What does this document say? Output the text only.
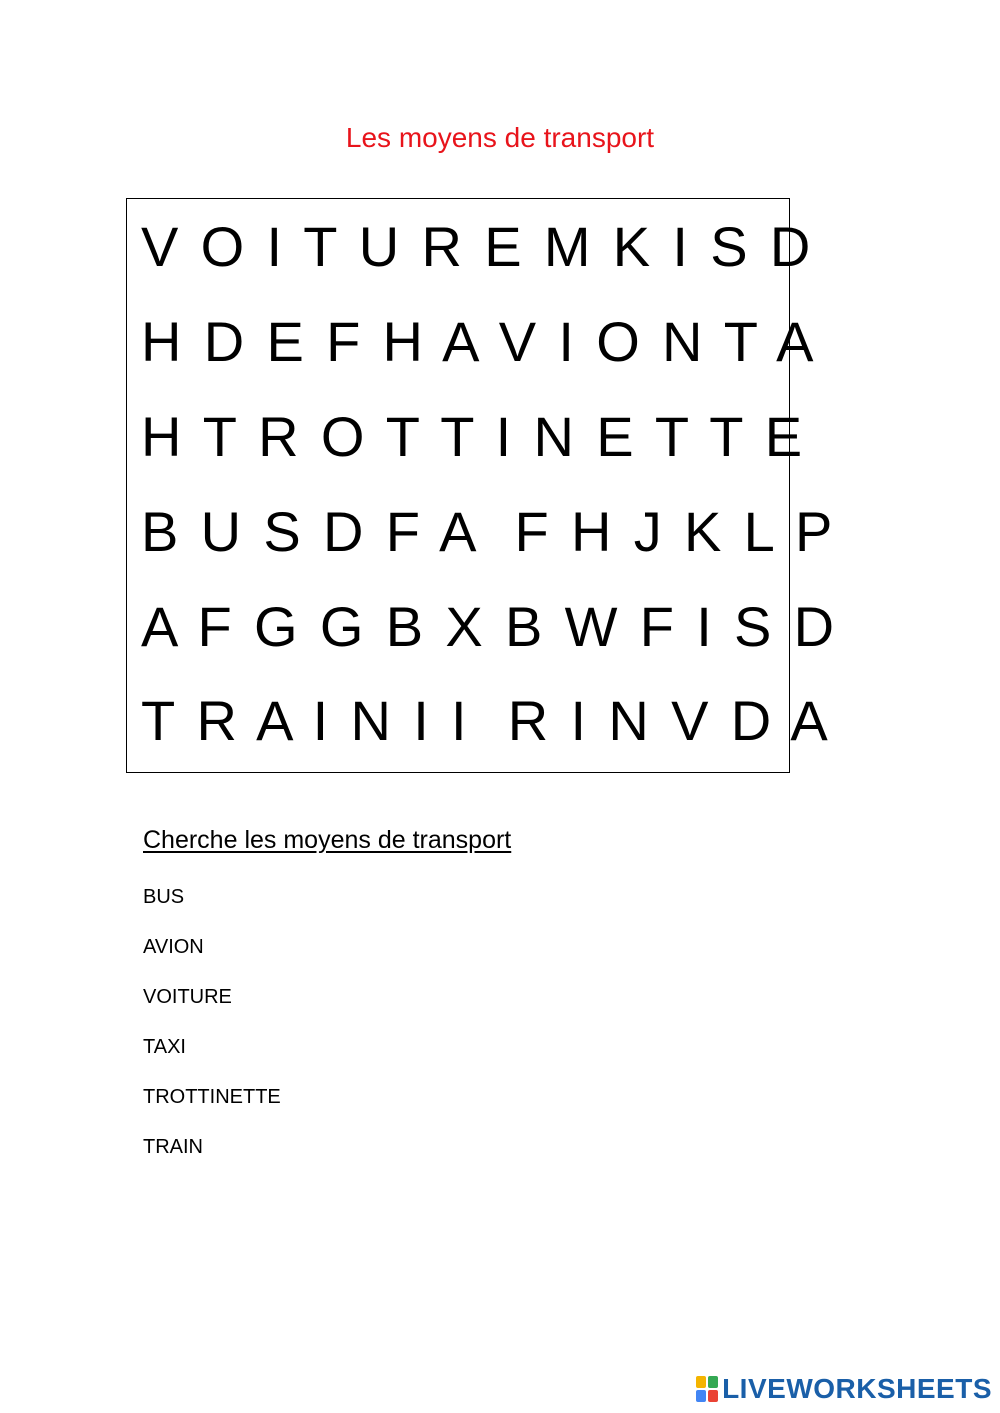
Les moyens de transport
V O I T U R E M K I S D
H D E F H A V I O N T A
H T R O T T I N E T T E
B U S D F A  F H J K L P
A F G G B X B W F I S D
T R A I N I I  R I N V D A
Cherche les moyens de transport
BUS
AVION
VOITURE
TAXI
TROTTINETTE
TRAIN
LIVEWORKSHEETS
